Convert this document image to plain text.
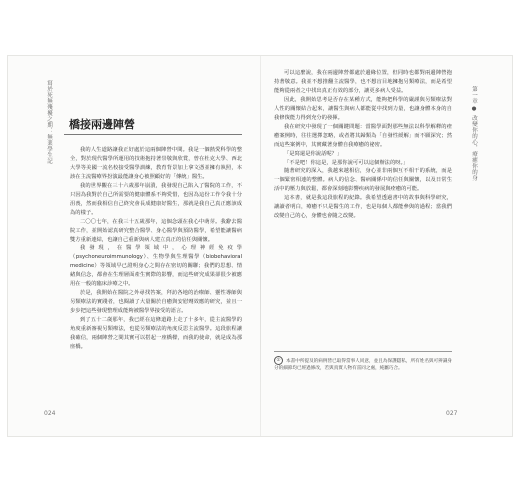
寫於死無殘擾之期：無業學生記 橋接兩邊陣營

我的人生道路讓我正好處於這兩個陣營中間。我是一個熱愛科學的整全，對於現代醫學所運用的技術抱持著崇敬與欣賞，曾在杜克大學、西北大學等美國一流名校接受醫學訓練，教育背景加上拿文憑並擁有執照，本該在主流醫療界扮演最能讓身心被照顧好的「傳統」醫生。

我的世界觀在三十六歲那年崩潰，我發現自己陷入了醫院的工作，不只因為我對於自己所需要的健康體系不夠愛惜，也因為這份工作令我十分沮喪，然而我相信自己終究會長成健康好醫生，那就是我自己真正應該成為的樣子。

二〇〇七年，在我三十五歲那年，這個念頭在我心中萌芽。我辭去醫院工作，並開始認真研究整合醫學、身心醫學與預防醫學，希望能讓醫病雙方重新連結，也讓自己重新與病人建立真正的信任與關懷。

我發現，在醫學領域中，心理神經免疫學（psychoneuroimmunology）、生物學與生理醫學（biobehavioral medicine）等領域早已證明身心之間存在密切的關聯；我們的思想、情緒與信念，都會在生理層面產生實際的影響，而這些研究成果卻很少被應用在一般的臨床診療之中。

於是，我開始在醫院之外尋找答案，拜訪各地的治療師、靈性導師與另類療法的實踐者，也閱讀了大量關於自癒與安慰劑效應的研究，並且一步步把這些發現整理成能夠被醫學界接受的語言。

到了五十二歲那年，我已經在這條道路上走了十多年，從主流醫學的角度重新審視另類療法，也從另類療法的角度反思主流醫學。這段旅程讓我確信，兩個陣營之間其實可以搭起一座橋樑，而我的使命，就是成為那座橋。

024
第一章 ● 改變你的心，療癒你的身

可以這麼說，我在兩邊陣營都處於邊緣位置，但同時也都對兩邊陣營抱持著敬意。我並不想推翻主流醫學，也不想盲目地擁抱另類療法，而是希望能夠從兩者之中找出真正有效的部分，讓更多病人受益。

因此，我開始思考是否存在某種方式，能夠把科學的嚴謹與另類療法對人性的關懷結合起來，讓醫生與病人都能從中找到力量，也讓身體本身的自我修復能力得到充分的發揮。

我在研究中發現了一個關鍵問題：當醫學面對那些無法以科學解釋的痊癒案例時，往往選擇忽略，或者將其歸類為「自發性緩解」而不願深究；然而這些案例中，其實藏著身體自我療癒的祕密。

「是寫還是你說話呢？」

「不是吧！你這是，是那你說可可以這個辦法的呀。」

隨著研究的深入，我越來越相信，身心並非兩個互不相干的系統，而是一個緊密相連的整體。病人的信念、醫病關係中的信任與關懷，以及日常生活中的壓力與放鬆，都會深刻地影響疾病的發展與痊癒的可能。

這本書，就是我這段旅程的紀錄。我希望透過書中的故事與科學研究，讓讀者明白，療癒不只是醫生的工作，也是每個人都能參與的過程；當我們改變自己的心，身體也會隨之改變。

② 本書中所提及的病例皆已取得當事人同意，並且為保護隱私，所有姓名與可辨識身分的細節均已經過修改，若與真實人物有雷同之處，純屬巧合。
027
